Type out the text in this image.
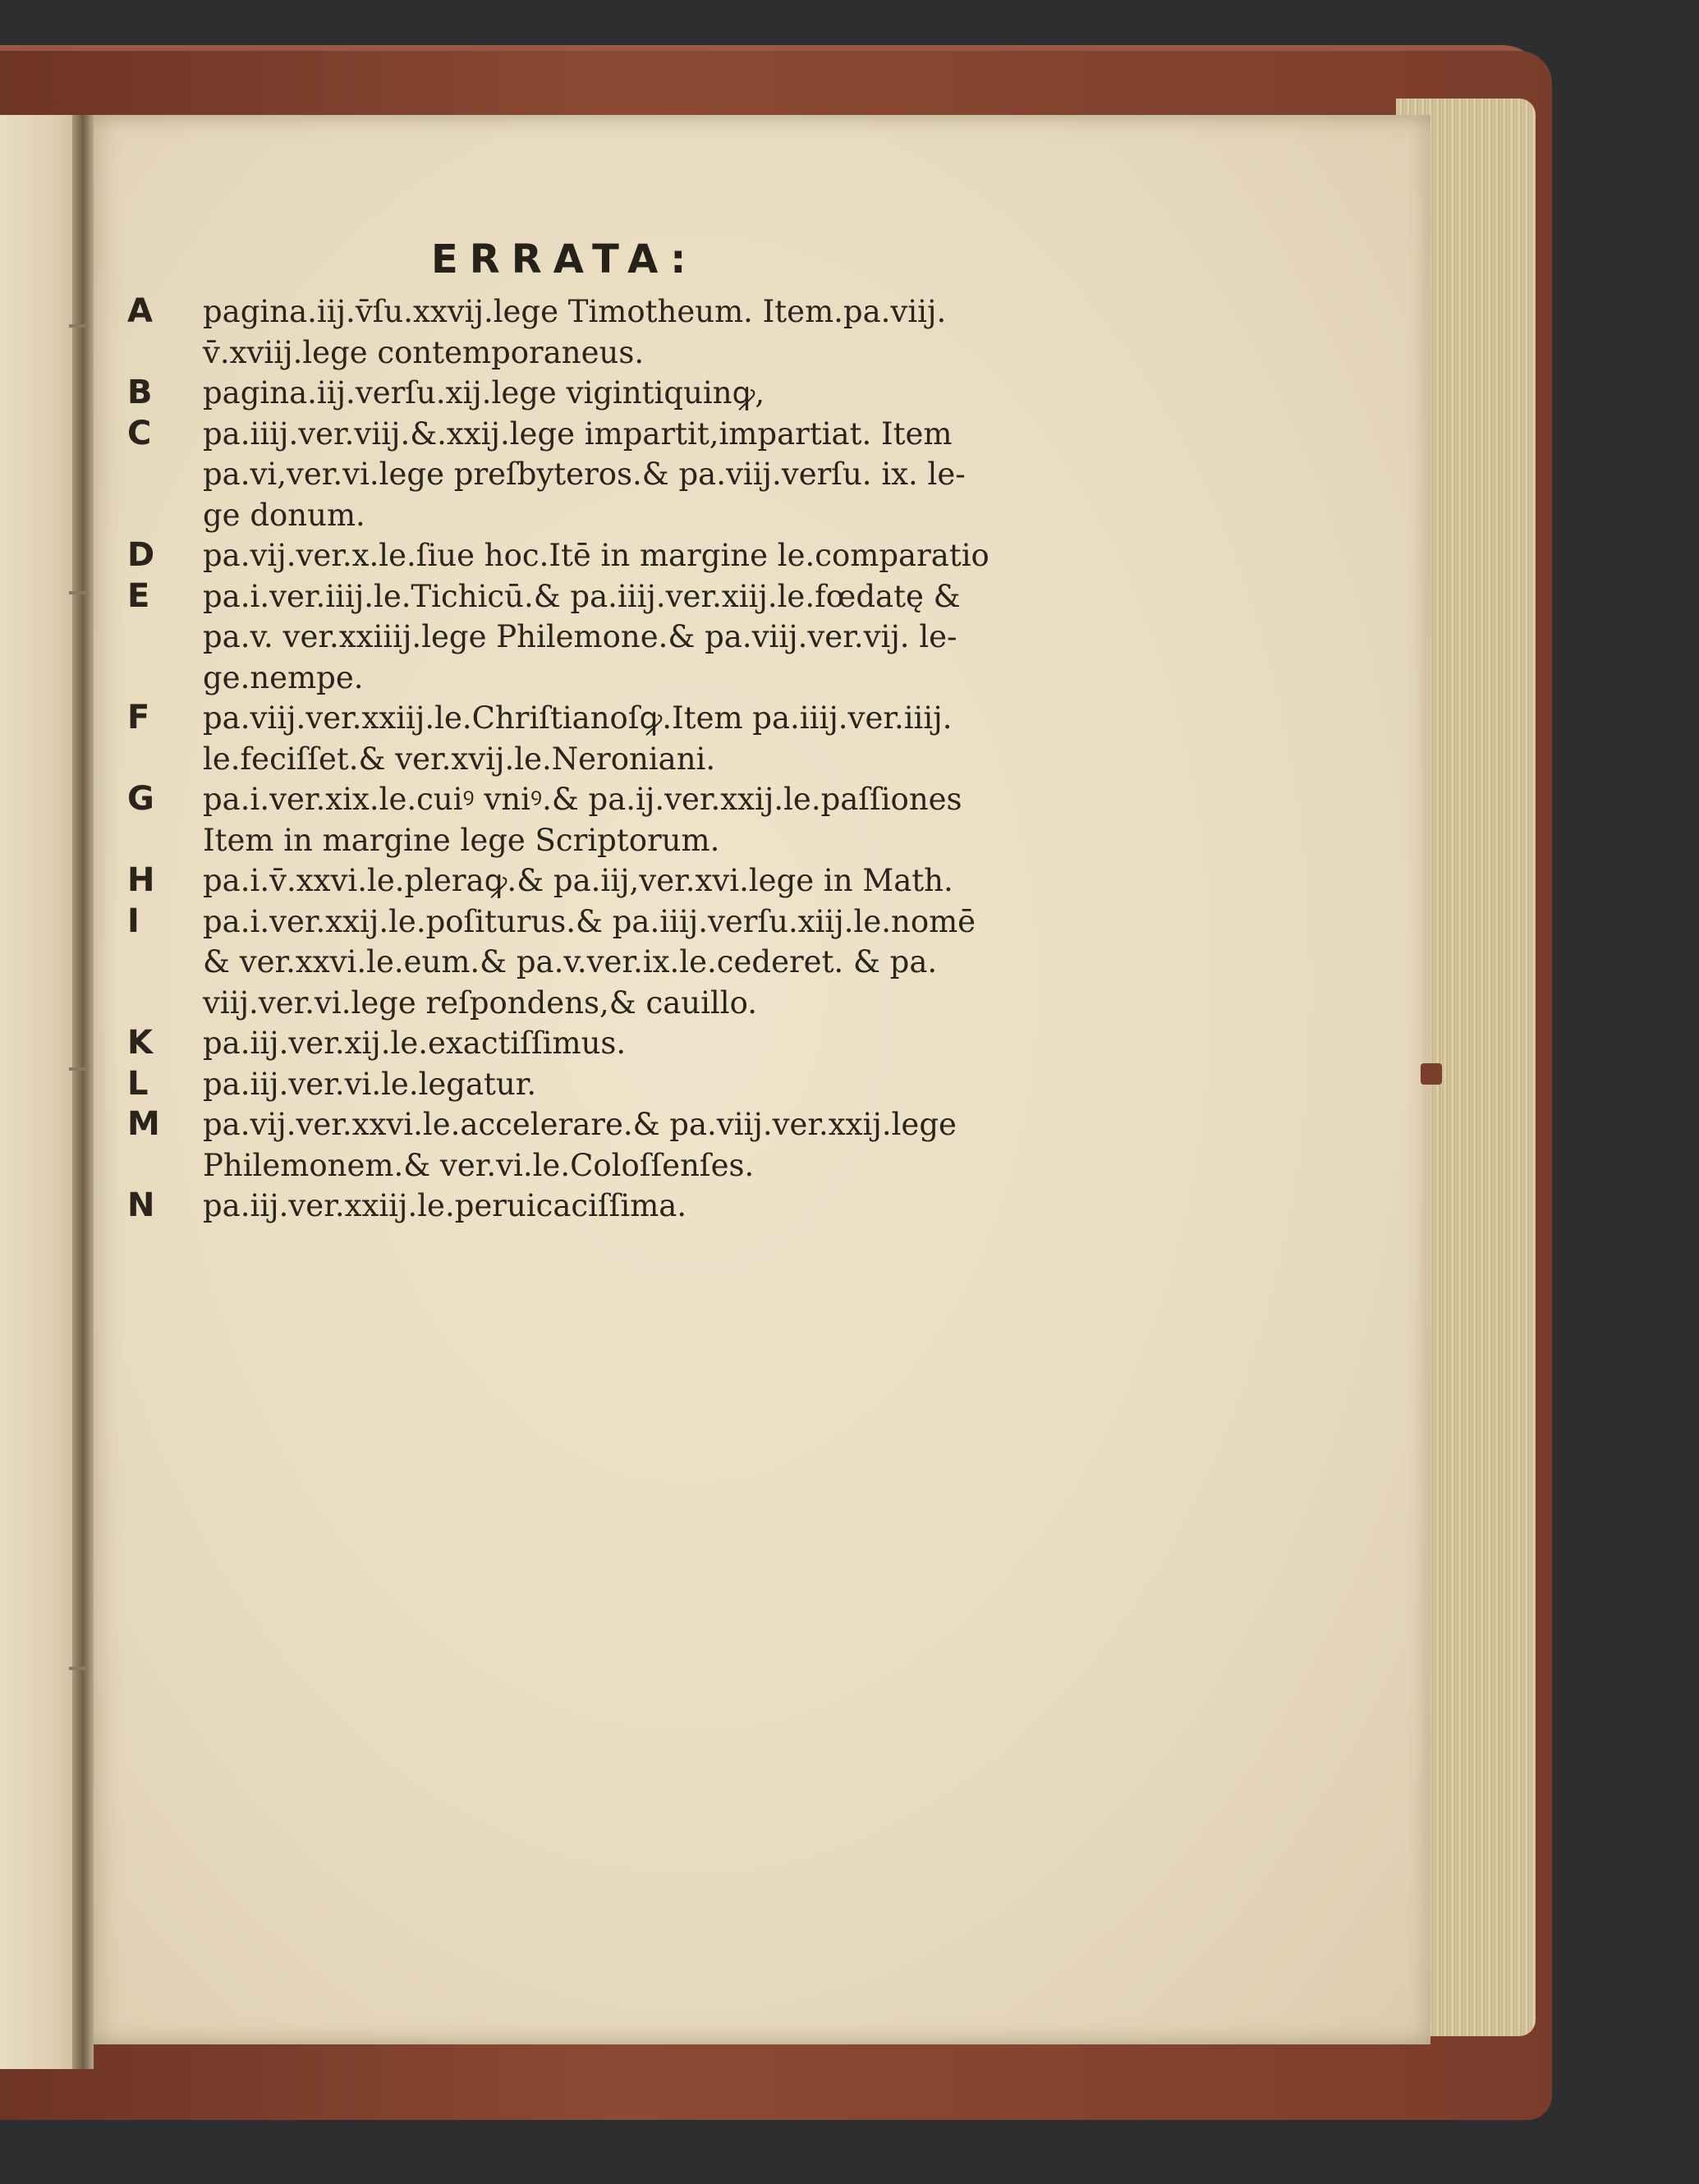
ERRATA:
A	pagina.iij.v̄ſu.xxvij.lege Timotheum. Item.pa.viij.
v̄.xviij.lege contemporaneus.
B	pagina.iij.verſu.xij.lege vigintiquinꝙ,
C	pa.iiij.ver.viij.&.xxij.lege impartit,impartiat. Item
pa.vi,ver.vi.lege preſbyteros.& pa.viij.verſu. ix. le-
ge donum.
D	pa.vij.ver.x.le.ſiue hoc.Itē in margine le.comparatio
E	pa.i.ver.iiij.le.Tichicū.& pa.iiij.ver.xiij.le.fœdatę &
pa.v. ver.xxiiij.lege Philemone.& pa.viij.ver.vij. le-
ge.nempe.
F	pa.viij.ver.xxiij.le.Chriſtianoſꝙ.Item pa.iiij.ver.iiij.
le.feciſſet.& ver.xvij.le.Neroniani.
G	pa.i.ver.xix.le.cuiꝰ vniꝰ.& pa.ij.ver.xxij.le.paſſiones
Item in margine lege Scriptorum.
H	pa.i.v̄.xxvi.le.pleraꝙ.& pa.iij,ver.xvi.lege in Math.
I	pa.i.ver.xxij.le.poſiturus.& pa.iiij.verſu.xiij.le.nomē
& ver.xxvi.le.eum.& pa.v.ver.ix.le.cederet. & pa.
viij.ver.vi.lege reſpondens,& cauillo.
K	pa.iij.ver.xij.le.exactiſſimus.
L	pa.iij.ver.vi.le.legatur.
M	pa.vij.ver.xxvi.le.accelerare.& pa.viij.ver.xxij.lege
Philemonem.& ver.vi.le.Coloſſenſes.
N	pa.iij.ver.xxiij.le.peruicaciſſima.
